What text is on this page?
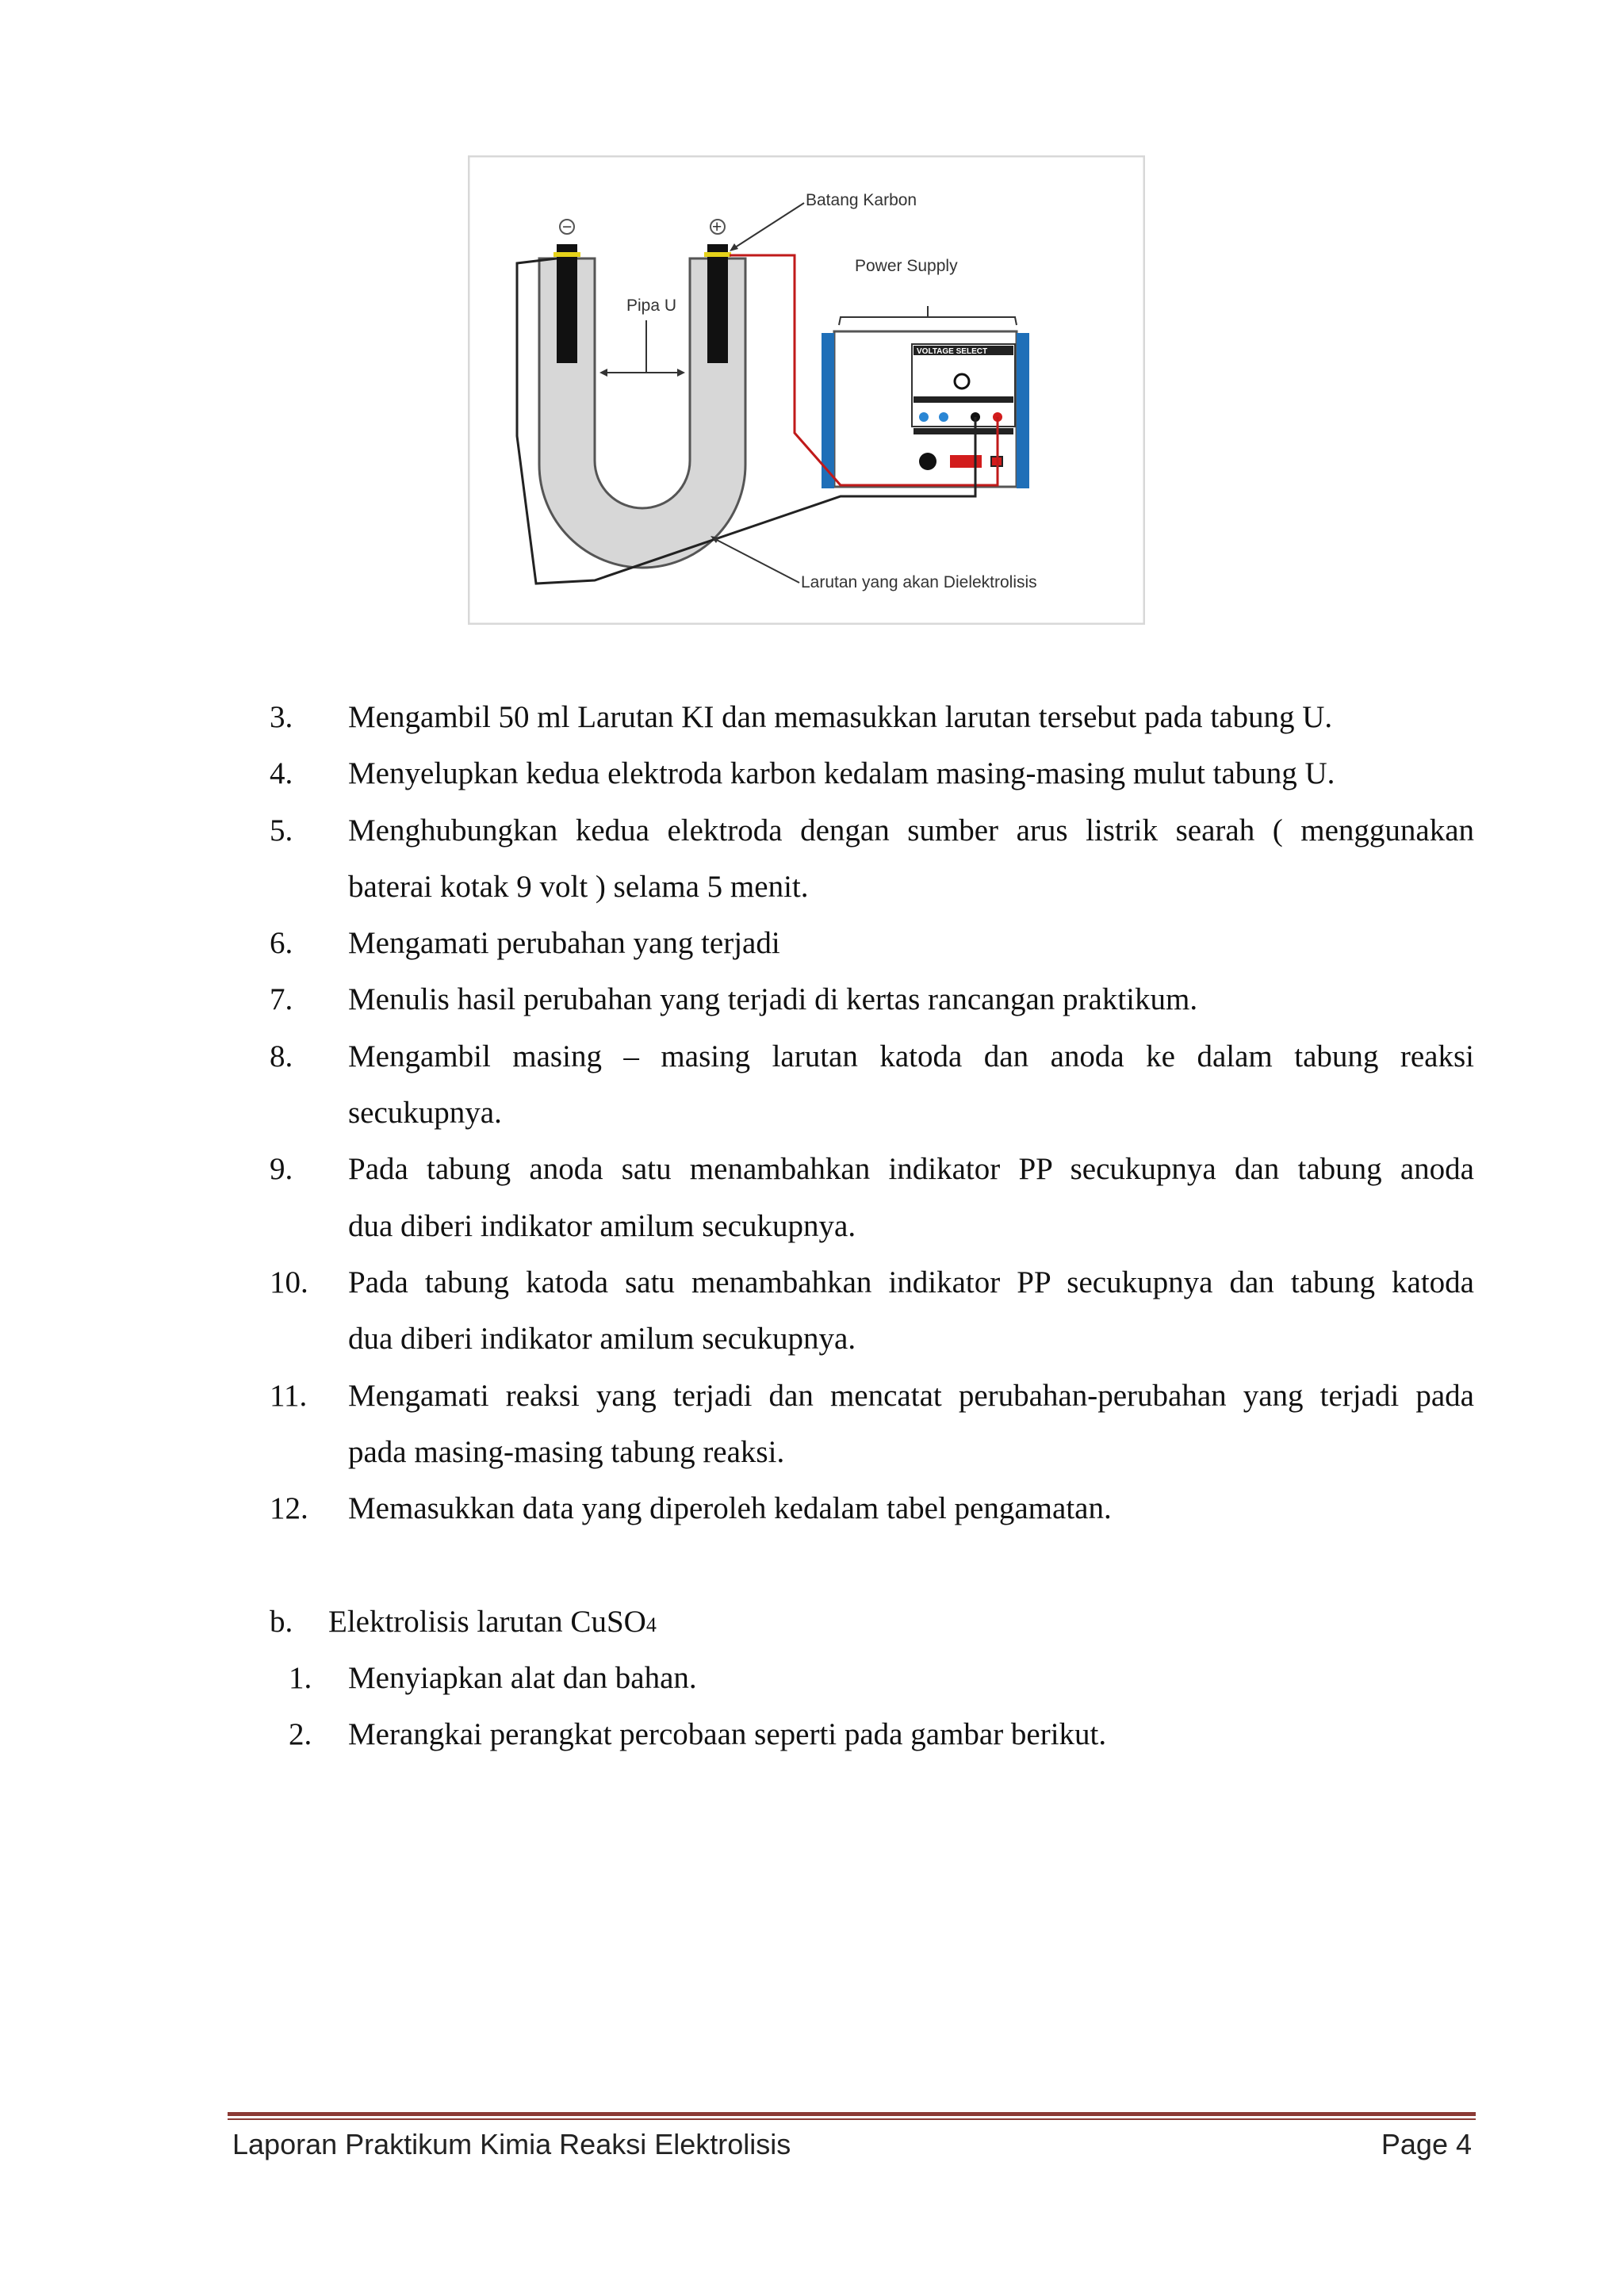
−	+
Pipa U
Batang Karbon
Power Supply
VOLTAGE SELECT
Larutan yang akan Dielektrolisis
3. Mengambil 50 ml Larutan KI dan memasukkan larutan tersebut pada tabung U.
4. Menyelupkan kedua elektroda karbon kedalam masing-masing mulut tabung U.
5. Menghubungkan kedua elektroda dengan sumber arus listrik searah ( menggunakan
baterai kotak 9 volt ) selama 5 menit.
6. Mengamati perubahan yang terjadi
7. Menulis hasil perubahan yang terjadi di kertas rancangan praktikum.
8. Mengambil masing – masing larutan katoda dan anoda ke dalam tabung reaksi
secukupnya.
9. Pada tabung anoda satu menambahkan indikator PP secukupnya dan tabung anoda
dua diberi indikator amilum secukupnya.
10. Pada tabung katoda satu menambahkan indikator PP secukupnya dan tabung katoda
dua diberi indikator amilum secukupnya.
11. Mengamati reaksi yang terjadi dan mencatat perubahan-perubahan yang terjadi pada
pada masing-masing tabung reaksi.
12. Memasukkan data yang diperoleh kedalam tabel pengamatan.
b. Elektrolisis larutan CuSO4
1. Menyiapkan alat dan bahan.
2. Merangkai perangkat percobaan seperti pada gambar berikut.
Laporan Praktikum Kimia Reaksi Elektrolisis	Page 4
